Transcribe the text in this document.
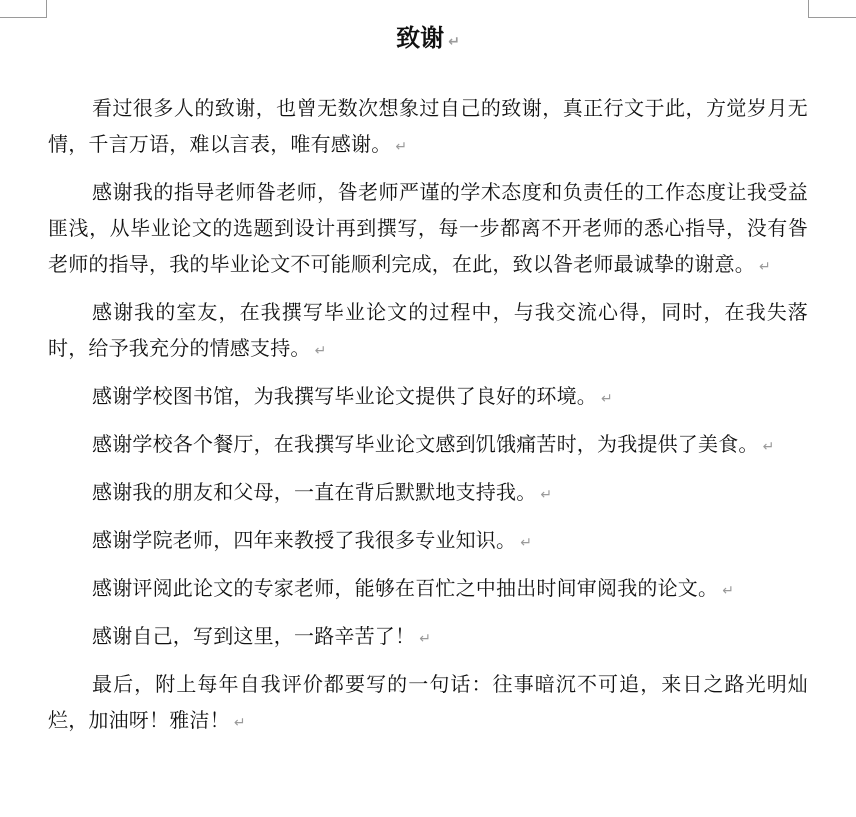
致谢 ↵

看过很多人的致谢，也曾无数次想象过自己的致谢，真正行文于此，方觉岁月无情，千言万语，难以言表，唯有感谢。 ↵

感谢我的指导老师昝老师，昝老师严谨的学术态度和负责任的工作态度让我受益匪浅，从毕业论文的选题到设计再到撰写，每一步都离不开老师的悉心指导，没有昝老师的指导，我的毕业论文不可能顺利完成，在此，致以昝老师最诚挚的谢意。 ↵

感谢我的室友，在我撰写毕业论文的过程中，与我交流心得，同时，在我失落时，给予我充分的情感支持。 ↵

感谢学校图书馆，为我撰写毕业论文提供了良好的环境。 ↵

感谢学校各个餐厅，在我撰写毕业论文感到饥饿痛苦时，为我提供了美食。 ↵

感谢我的朋友和父母，一直在背后默默地支持我。 ↵

感谢学院老师，四年来教授了我很多专业知识。 ↵

感谢评阅此论文的专家老师，能够在百忙之中抽出时间审阅我的论文。 ↵

感谢自己，写到这里，一路辛苦了！ ↵

最后，附上每年自我评价都要写的一句话：往事暗沉不可追，来日之路光明灿烂，加油呀！雅洁！ ↵
